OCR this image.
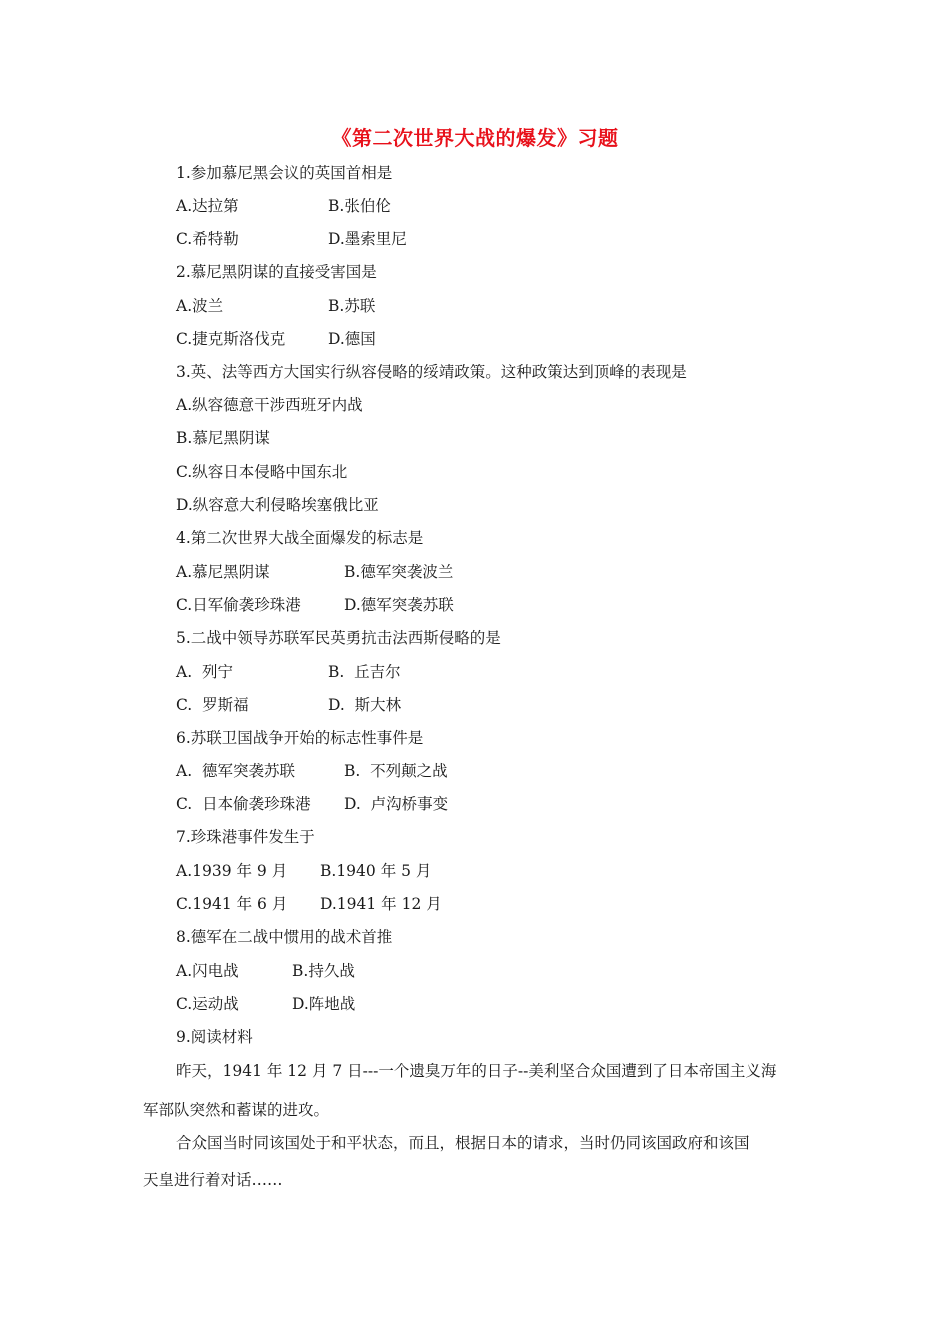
《第二次世界大战的爆发》习题
1.参加慕尼黑会议的英国首相是
A.达拉第	B.张伯伦
C.希特勒	D.墨索里尼
2.慕尼黑阴谋的直接受害国是
A.波兰	B.苏联
C.捷克斯洛伐克	D.德国
3.英、法等西方大国实行纵容侵略的绥靖政策。这种政策达到顶峰的表现是
A.纵容德意干涉西班牙内战
B.慕尼黑阴谋
C.纵容日本侵略中国东北
D.纵容意大利侵略埃塞俄比亚
4.第二次世界大战全面爆发的标志是
A.慕尼黑阴谋	B.德军突袭波兰
C.日军偷袭珍珠港	D.德军突袭苏联
5.二战中领导苏联军民英勇抗击法西斯侵略的是
A.  列宁	B.  丘吉尔
C.  罗斯福	D.  斯大林
6.苏联卫国战争开始的标志性事件是
A.  德军突袭苏联	B.  不列颠之战
C.  日本偷袭珍珠港 D.  卢沟桥事变
7.珍珠港事件发生于
A.1939 年 9 月 B.1940 年 5 月
C.1941 年 6 月 D.1941 年 12 月
8.德军在二战中惯用的战术首推
A.闪电战	B.持久战
C.运动战	D.阵地战
9.阅读材料
昨天，1941 年 12 月 7 日---一个遗臭万年的日子--美利坚合众国遭到了日本帝国主义海
军部队突然和蓄谋的进攻。
合众国当时同该国处于和平状态，而且，根据日本的请求，当时仍同该国政府和该国
天皇进行着对话……
